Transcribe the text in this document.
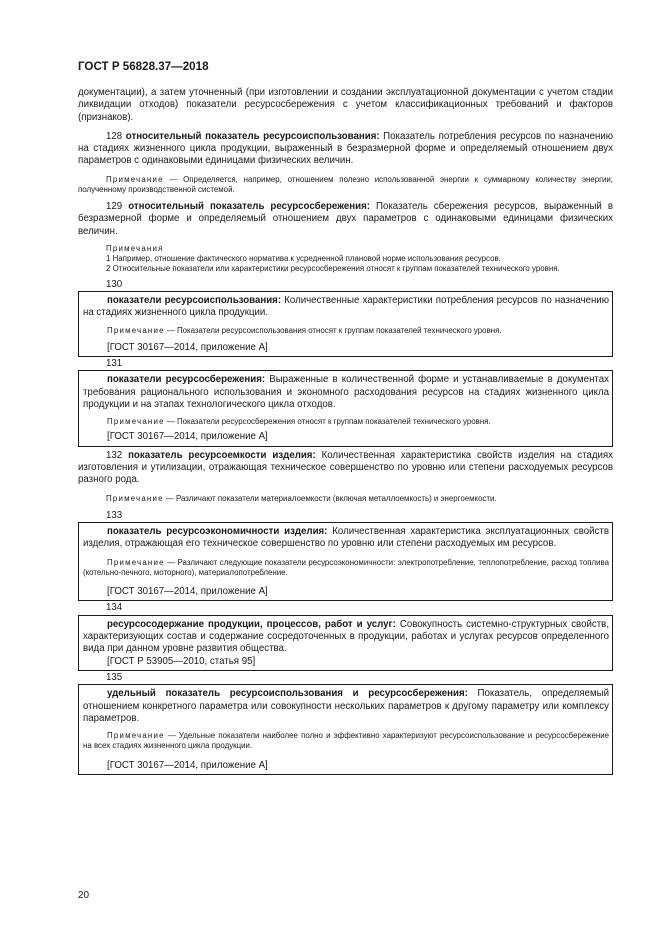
ГОСТ Р 56828.37—2018

документации), а затем уточненный (при изготовлении и создании эксплуатационной документации с учетом стадии ликвидации отходов) показатели ресурсосбережения с учетом классификационных требований и факторов (признаков).

128 относительный показатель ресурсоиспользования: Показатель потребления ресурсов по назначению на стадиях жизненного цикла продукции, выраженный в безразмерной форме и определяемый отношением двух параметров с одинаковыми единицами физических величин.

Примечание — Определяется, например, отношением полезно использованной энергии к суммарному количеству энергии, полученному производственной системой.

129 относительный показатель ресурсосбережения: Показатель сбережения ресурсов, выраженный в безразмерной форме и определяемый отношением двух параметров с одинаковыми единицами физических величин.

Примечания

1 Например, отношение фактического норматива к усредненной плановой норме использования ресурсов.

2 Относительные показатели или характеристики ресурсосбережения относят к группам показателей технического уровня.

130

показатели ресурсоиспользования: Количественные характеристики потребления ресурсов по назначению на стадиях жизненного цикла продукции.

Примечание — Показатели ресурсоиспользования относят к группам показателей технического уровня.

[ГОСТ 30167—2014, приложение А]

131

показатели ресурсосбережения: Выраженные в количественной форме и устанавливаемые в документах требования рационального использования и экономного расходования ресурсов на стадиях жизненного цикла продукции и на этапах технологического цикла отходов.

Примечание — Показатели ресурсосбережения относят к группам показателей технического уровня.

[ГОСТ 30167—2014, приложение А]

132 показатель ресурсоемкости изделия: Количественная характеристика свойств изделия на стадиях изготовления и утилизации, отражающая техническое совершенство по уровню или степени расходуемых ресурсов разного рода.

Примечание — Различают показатели материалоемкости (включая металлоемкость) и энергоемкости.

133

показатель ресурсоэкономичности изделия: Количественная характеристика эксплуатационных свойств изделия, отражающая его техническое совершенство по уровню или степени расходуемых им ресурсов.

Примечание — Различают следующие показатели ресурсоэкономичности: электропотребление, теплопотребление, расход топлива (котельно-печного, моторного), материалопотребление.

[ГОСТ 30167—2014, приложение А]

134

ресурсосодержание продукции, процессов, работ и услуг: Совокупность системно-структурных свойств, характеризующих состав и содержание сосредоточенных в продукции, работах и услугах ресурсов определенного вида при данном уровне развития общества.

[ГОСТ Р 53905—2010, статья 95]

135

удельный показатель ресурсоиспользования и ресурсосбережения: Показатель, определяемый отношением конкретного параметра или совокупности нескольких параметров к другому параметру или комплексу параметров.

Примечание — Удельные показатели наиболее полно и эффективно характеризуют ресурсоиспользование и ресурсосбережение на всех стадиях жизненного цикла продукции.

[ГОСТ 30167—2014, приложение А]

20
